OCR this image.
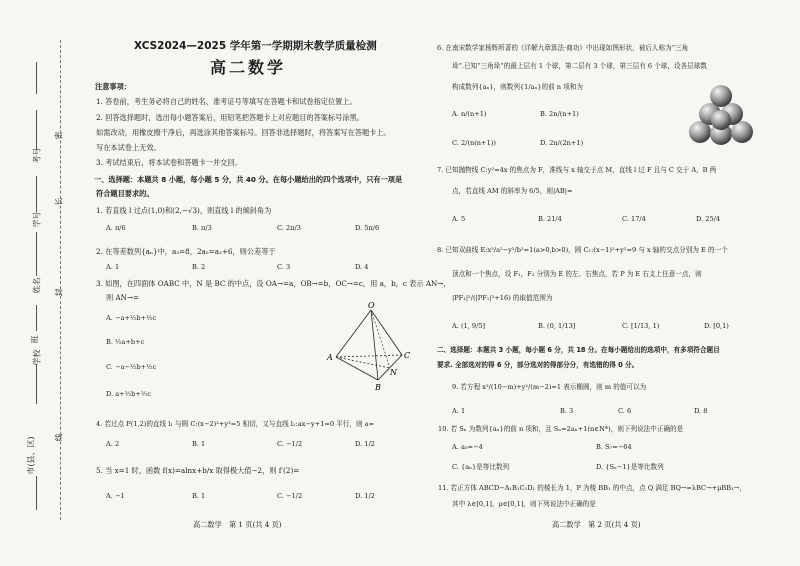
考号
学号
姓名
班
学校
市(县、区)
密
封
线
长
XCS2024—2025 学年第一学期期末教学质量检测
高二数学
注意事项：
1. 答卷前，考生务必将自己的姓名、准考证号等填写在答题卡和试卷指定位置上。
2. 回答选择题时，选出每小题答案后，用铅笔把答题卡上对应题目的答案标号涂黑。
如需改动，用橡皮擦干净后，再选涂其他答案标号。回答非选择题时，将答案写在答题卡上。
写在本试卷上无效。
3. 考试结束后，将本试卷和答题卡一并交回。
一、选择题：本题共 8 小题，每小题 5 分，共 40 分。在每小题给出的四个选项中，只有一项是
符合题目要求的。
1. 若直线 l 过点(1,0)和(2,−√3)，则直线 l 的倾斜角为
A. π/6	B. π/3	C. 2π/3	D. 5π/6
2. 在等差数列{aₙ}中，a₃=8，2a₅=a₂+6，则公差等于
A. 1	B. 2	C. 3	D. 4
3. 如图，在四面体 OABC 中，N 是 BC 的中点，设 OA→=a，OB→=b，OC→=c，用 a，b，c 表示 AN→，
则 AN→=
A. −a+½b+½c
B. ½a+b+c
C. −a−½b+½c
D. a+½b+½c
O
A
B
C
N
4. 若过点 P(1,2)的直线 l₁ 与圆 C:(x−2)²+y²=5 相切，又与直线 l₂:ax−y+1=0 平行，则 a=
A. 2	B. 1	C. −1/2	D. 1/2
5. 当 x=1 时，函数 f(x)=alnx+b/x 取得极大值−2，则 f′(2)=
A. −1	B. 1	C. −1/2	D. 1/2
高二数学　第 1 页(共 4 页)
6. 在南宋数学家杨辉所著的《详解九章算法·商功》中出现如图形状，被后人称为“三角
垛”.已知“三角垛”的最上层有 1 个球，第二层有 3 个球，第三层有 6 个球，设各层球数
构成数列{aₙ}，则数列{1/aₙ}的前 n 项和为
A. n/(n+1)	B. 2n/(n+1)
C. 2/(n(n+1))	D. 2n/(2n+1)
7. 已知抛物线 C:y²=4x 的焦点为 F，准线与 x 轴交于点 M，直线 l 过 F 且与 C 交于 A，B 两
点，若直线 AM 的斜率为 6/5，则|AB|=
A. 5	B. 21/4	C. 17/4	D. 25/4
8. 已知双曲线 E:x²/a²−y²/b²=1(a>0,b>0)，圆 C₁:(x−1)²+y²=9 与 x 轴的交点分别为 E 的一个
顶点和一个焦点，设 F₁，F₂ 分别为 E 的左、右焦点，若 P 为 E 右支上任意一点，则
|PF₁|²/(|PF₁|²+16) 的取值范围为
A. (1, 9/5]	B. (0, 1/13]	C. [1/13, 1)	D. [0,1)
二、选择题：本题共 3 小题，每小题 6 分，共 18 分。在每小题给出的选项中，有多项符合题目
要求. 全部选对的得 6 分，部分选对的得部分分，有选错的得 0 分。
9. 若方程 x²/(10−m)+y²/(m−2)=1 表示椭圆，则 m 的值可以为
A. 1	B. 3	C. 6	D. 8
10. 若 Sₙ 为数列{aₙ}的前 n 项和，且 Sₙ=2aₙ+1(n∈N*)，则下列说法中正确的是
A. a₅=−4	B. S₇=−64
C. {aₙ}是等比数列	D. {Sₙ−1}是等比数列
11. 若正方体 ABCD−A₁B₁C₁D₁ 的棱长为 1，P 为棱 BB₁ 的中点，点 Q 满足 BQ→=λBC→+μBB₁→，
其中 λ∈[0,1]，μ∈[0,1]，则下列说法中正确的是
高二数学　第 2 页(共 4 页)
